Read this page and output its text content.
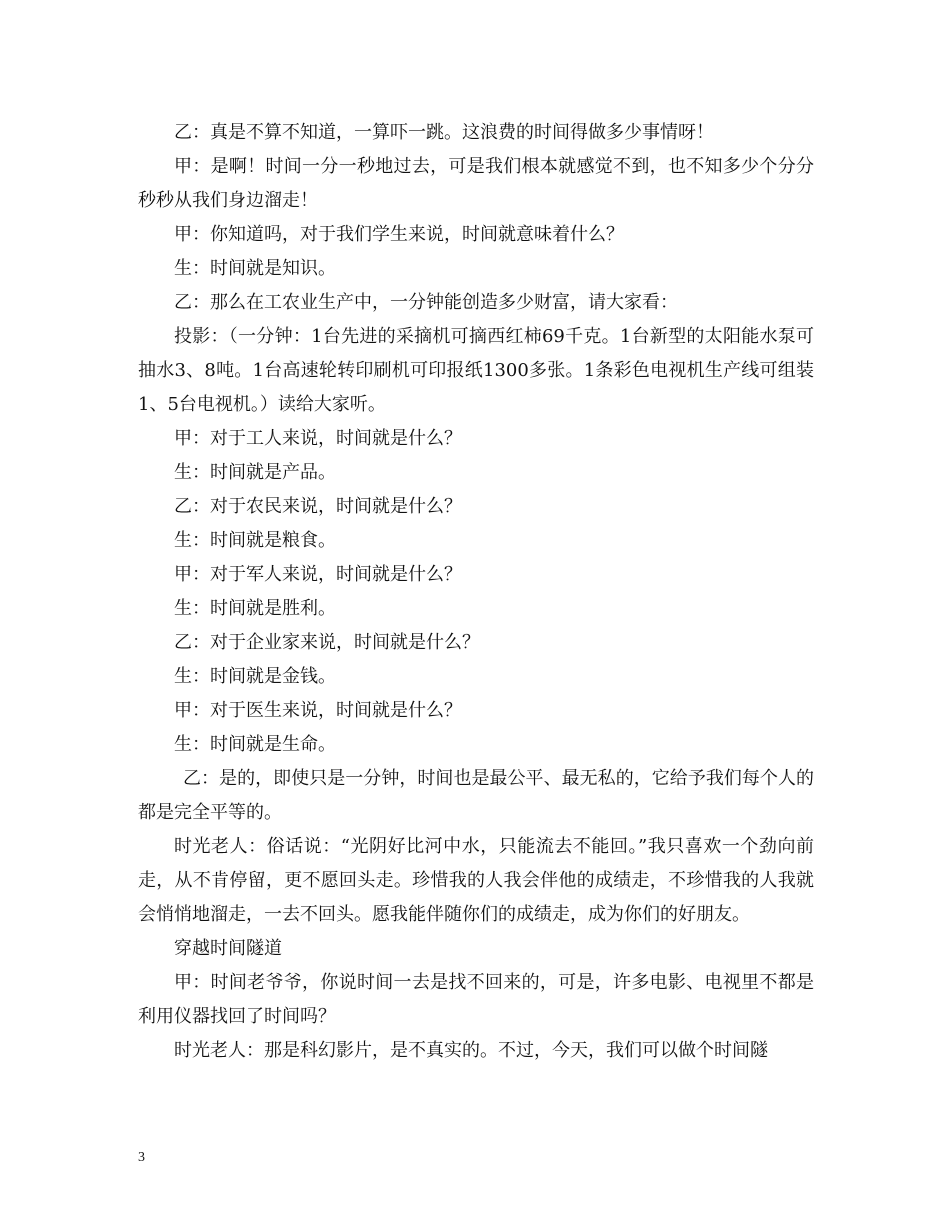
乙：真是不算不知道，一算吓一跳。这浪费的时间得做多少事情呀！

甲：是啊！时间一分一秒地过去，可是我们根本就感觉不到，也不知多少个分分秒秒从我们身边溜走！

甲：你知道吗，对于我们学生来说，时间就意味着什么？

生：时间就是知识。

乙：那么在工农业生产中，一分钟能创造多少财富，请大家看：

投影：（一分钟：1台先进的采摘机可摘西红柿69千克。1台新型的太阳能水泵可抽水3、8吨。1台高速轮转印刷机可印报纸1300多张。1条彩色电视机生产线可组装1、5台电视机。）读给大家听。

甲：对于工人来说，时间就是什么？

生：时间就是产品。

乙：对于农民来说，时间就是什么？

生：时间就是粮食。

甲：对于军人来说，时间就是什么？

生：时间就是胜利。

乙：对于企业家来说，时间就是什么？

生：时间就是金钱。

甲：对于医生来说，时间就是什么？

生：时间就是生命。

乙：是的，即使只是一分钟，时间也是最公平、最无私的，它给予我们每个人的都是完全平等的。

时光老人：俗话说：“光阴好比河中水，只能流去不能回。”我只喜欢一个劲向前走，从不肯停留，更不愿回头走。珍惜我的人我会伴他的成绩走，不珍惜我的人我就会悄悄地溜走，一去不回头。愿我能伴随你们的成绩走，成为你们的好朋友。

穿越时间隧道

甲：时间老爷爷，你说时间一去是找不回来的，可是，许多电影、电视里不都是利用仪器找回了时间吗？

时光老人：那是科幻影片，是不真实的。不过，今天，我们可以做个时间隧

3
